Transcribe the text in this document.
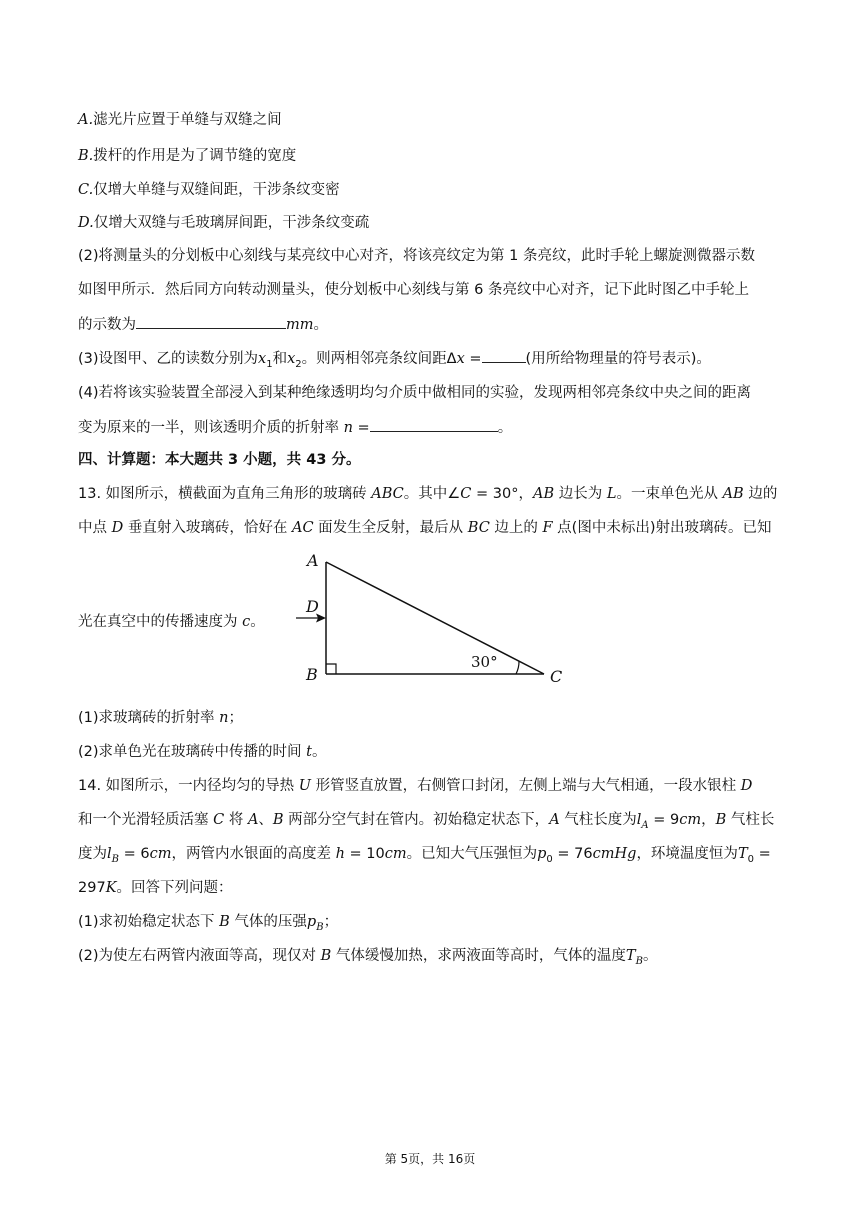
A.滤光片应置于单缝与双缝之间
B.拨杆的作用是为了调节缝的宽度
C.仅增大单缝与双缝间距，干涉条纹变密
D.仅增大双缝与毛玻璃屏间距，干涉条纹变疏
(2)将测量头的分划板中心刻线与某亮纹中心对齐，将该亮纹定为第 1 条亮纹，此时手轮上螺旋测微器示数
如图甲所示．然后同方向转动测量头，使分划板中心刻线与第 6 条亮纹中心对齐，记下此时图乙中手轮上
的示数为	mm。
(3)设图甲、乙的读数分别为$x_1$和$x_2$。则两相邻亮条纹间距Δx =	(用所给物理量的符号表示)。
(4)若将该实验装置全部浸入到某种绝缘透明均匀介质中做相同的实验，发现两相邻亮条纹中央之间的距离
变为原来的一半，则该透明介质的折射率 n =	。
四、计算题：本大题共 3 小题，共 43 分。
13. 如图所示，横截面为直角三角形的玻璃砖 ABC。其中∠C = 30°，AB 边长为 L。一束单色光从 AB 边的
中点 D 垂直射入玻璃砖，恰好在 AC 面发生全反射，最后从 BC 边上的 F 点(图中未标出)射出玻璃砖。已知
A
D
B	C
30°
光在真空中的传播速度为 c。
(1)求玻璃砖的折射率 n；
(2)求单色光在玻璃砖中传播的时间 t。
14. 如图所示，一内径均匀的导热 U 形管竖直放置，右侧管口封闭，左侧上端与大气相通，一段水银柱 D
和一个光滑轻质活塞 C 将 A、B 两部分空气封在管内。初始稳定状态下，A 气柱长度为$l_A = 9cm$，B 气柱长
度为$l_B = 6cm$，两管内水银面的高度差 h = 10cm。已知大气压强恒为$p_0$ = 76cmHg，环境温度恒为$T_0$ =
297K。回答下列问题：
(1)求初始稳定状态下 B 气体的压强$p_B$；
(2)为使左右两管内液面等高，现仅对 B 气体缓慢加热，求两液面等高时，气体的温度$T_B$。
第 5页，共 16页
